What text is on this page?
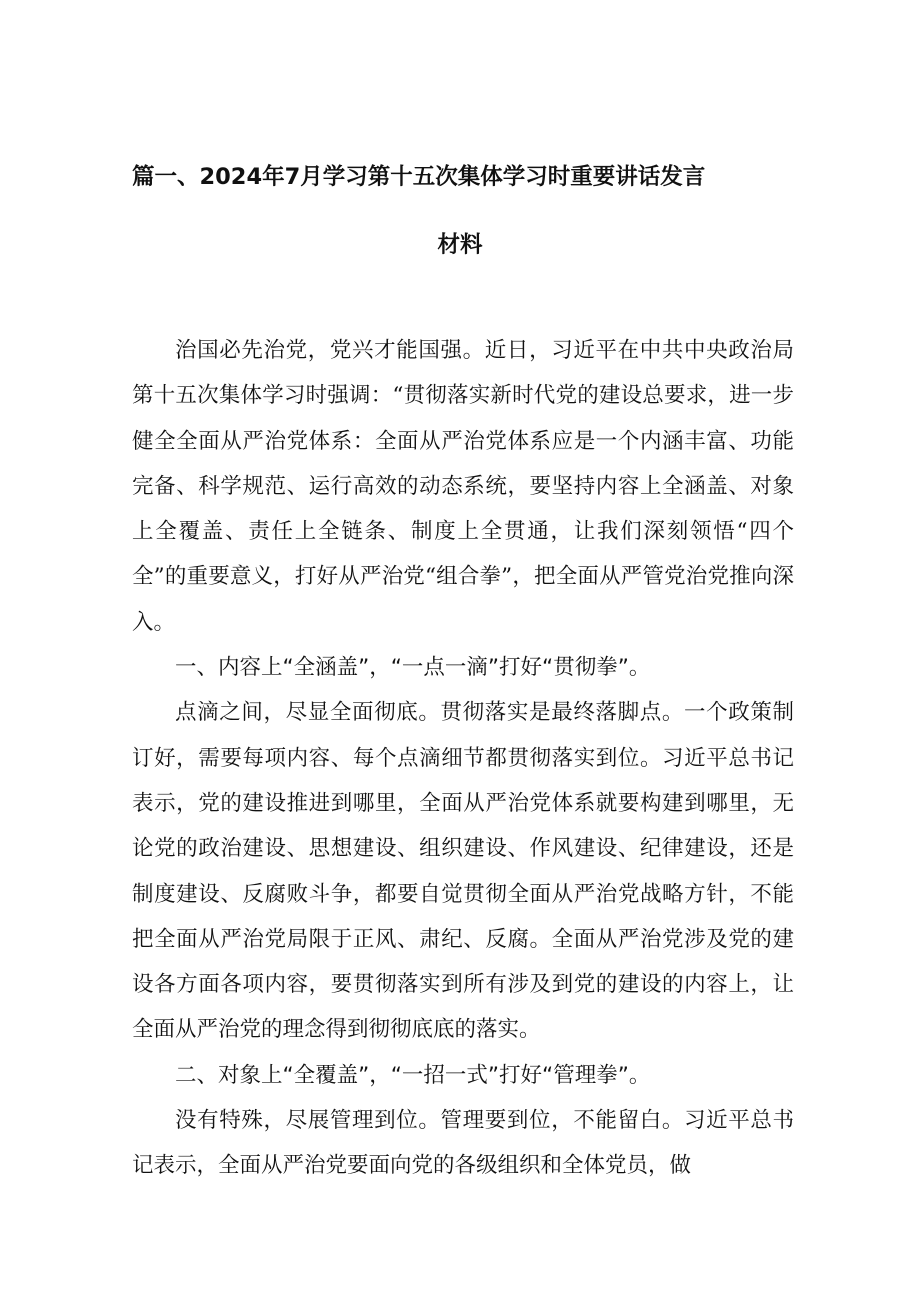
篇一、2024年7月学习第十五次集体学习时重要讲话发言
材料

治国必先治党，党兴才能国强。近日，习近平在中共中央政治局第十五次集体学习时强调：“贯彻落实新时代党的建设总要求，进一步健全全面从严治党体系：全面从严治党体系应是一个内涵丰富、功能完备、科学规范、运行高效的动态系统，要坚持内容上全涵盖、对象上全覆盖、责任上全链条、制度上全贯通，让我们深刻领悟“四个全”的重要意义，打好从严治党“组合拳”，把全面从严管党治党推向深入。

一、内容上“全涵盖”，“一点一滴”打好“贯彻拳”。

点滴之间，尽显全面彻底。贯彻落实是最终落脚点。一个政策制订好，需要每项内容、每个点滴细节都贯彻落实到位。习近平总书记表示，党的建设推进到哪里，全面从严治党体系就要构建到哪里，无论党的政治建设、思想建设、组织建设、作风建设、纪律建设，还是制度建设、反腐败斗争，都要自觉贯彻全面从严治党战略方针，不能把全面从严治党局限于正风、肃纪、反腐。全面从严治党涉及党的建设各方面各项内容，要贯彻落实到所有涉及到党的建设的内容上，让全面从严治党的理念得到彻彻底底的落实。

二、对象上“全覆盖”，“一招一式”打好“管理拳”。

没有特殊，尽展管理到位。管理要到位，不能留白。习近平总书记表示，全面从严治党要面向党的各级组织和全体党员，做
